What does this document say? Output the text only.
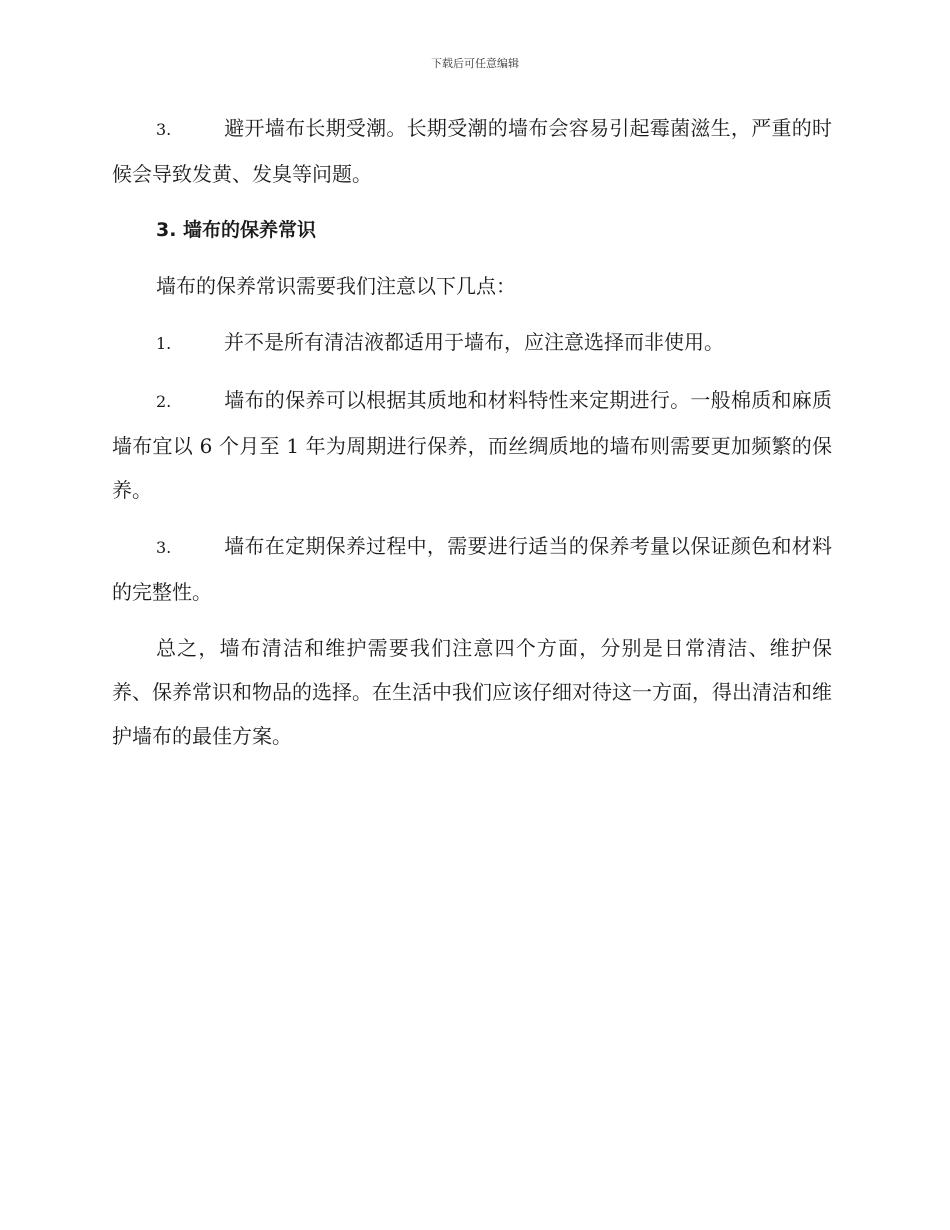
下载后可任意编辑

3.	避开墙布长期受潮。长期受潮的墙布会容易引起霉菌滋生，严重的时候会导致发黄、发臭等问题。

3. 墙布的保养常识

墙布的保养常识需要我们注意以下几点：

1.	并不是所有清洁液都适用于墙布，应注意选择而非使用。

2.	墙布的保养可以根据其质地和材料特性来定期进行。一般棉质和麻质墙布宜以 6 个月至 1 年为周期进行保养，而丝绸质地的墙布则需要更加频繁的保养。

3.	墙布在定期保养过程中，需要进行适当的保养考量以保证颜色和材料的完整性。

总之，墙布清洁和维护需要我们注意四个方面，分别是日常清洁、维护保养、保养常识和物品的选择。在生活中我们应该仔细对待这一方面，得出清洁和维护墙布的最佳方案。
